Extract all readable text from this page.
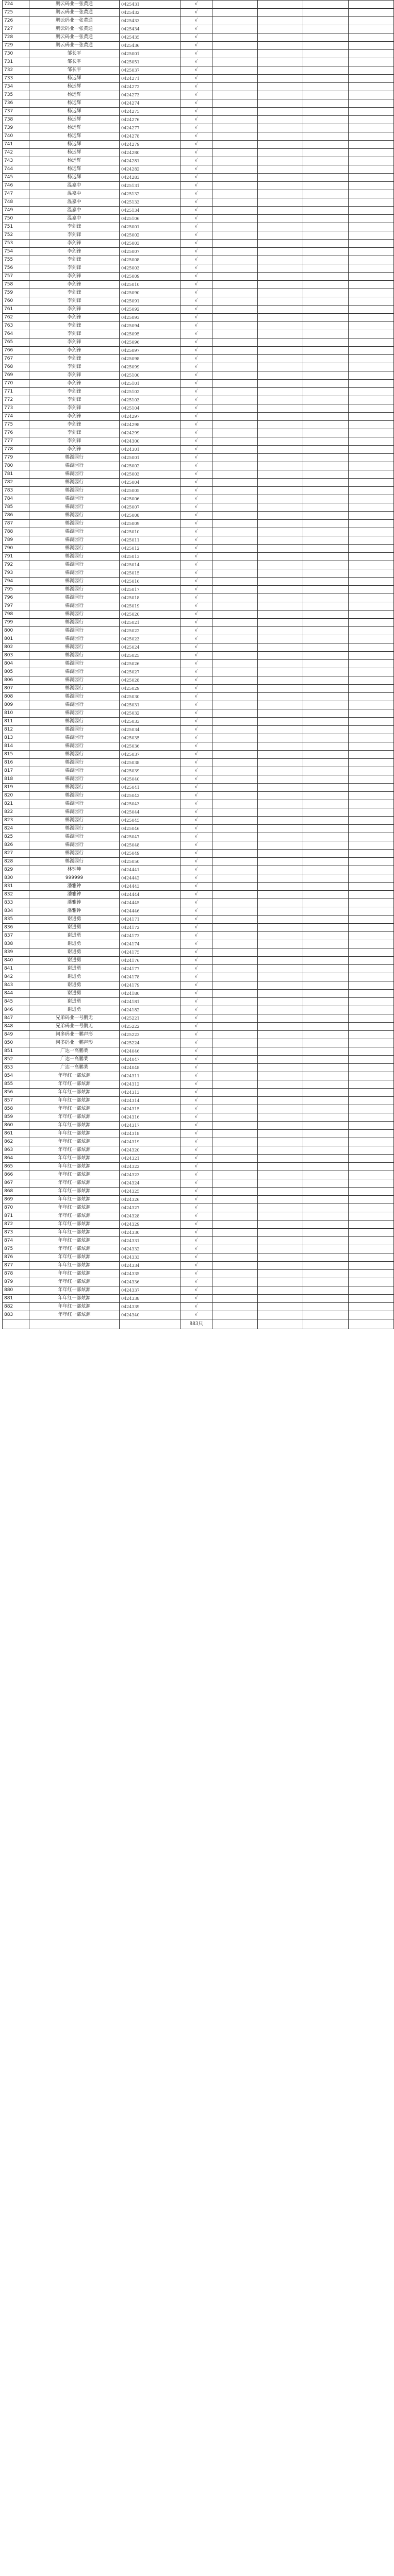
724	鹏云码业一张黄通	0425431	√				
725	鹏云码业一张黄通	0425432	√				
726	鹏云码业一张黄通	0425433	√				
727	鹏云码业一张黄通	0425434	√				
728	鹏云码业一张黄通	0425435	√				
729	鹏云码业一张黄通	0425436	√				
730	邹长平	0425001	√				
731	邹长平	0425051	√				
732	邹长平	0425037	√				
733	杨远辉	0424271	√				
734	杨远辉	0424272	√				
735	杨远辉	0424273	√				
736	杨远辉	0424274	√				
737	杨远辉	0424275	√				
738	杨远辉	0424276	√				
739	杨远辉	0424277	√				
740	杨远辉	0424278	√				
741	杨远辉	0424279	√				
742	杨远辉	0424280	√				
743	杨远辉	0424281	√				
744	杨远辉	0424282	√				
745	杨远辉	0424283	√				
746	温嘉中	0425131	√				
747	温嘉中	0425132	√				
748	温嘉中	0425133	√				
749	温嘉中	0425134	√				
750	温嘉中	0425106	√				
751	李剑锋	0425001	√				
752	李剑锋	0425002	√				
753	李剑锋	0425003	√				
754	李剑锋	0425007	√				
755	李剑锋	0425008	√				
756	李剑锋	0425003	√				
757	李剑锋	0425009	√				
758	李剑锋	0425010	√				
759	李剑锋	0425090	√				
760	李剑锋	0425091	√				
761	李剑锋	0425092	√				
762	李剑锋	0425093	√				
763	李剑锋	0425094	√				
764	李剑锋	0425095	√				
765	李剑锋	0425096	√				
766	李剑锋	0425097	√				
767	李剑锋	0425098	√				
768	李剑锋	0425099	√				
769	李剑锋	0425100	√				
770	李剑锋	0425101	√				
771	李剑锋	0425102	√				
772	李剑锋	0425103	√				
773	李剑锋	0425104	√				
774	李剑锋	0424297	√				
775	李剑锋	0424298	√				
776	李剑锋	0424299	√				
777	李剑锋	0424300	√				
778	李剑锋	0424301	√				
779	棉湖园行	0425001	√				
780	棉湖园行	0425002	√				
781	棉湖园行	0425003	√				
782	棉湖园行	0425004	√				
783	棉湖园行	0425005	√				
784	棉湖园行	0425006	√				
785	棉湖园行	0425007	√				
786	棉湖园行	0425008	√				
787	棉湖园行	0425009	√				
788	棉湖园行	0425010	√				
789	棉湖园行	0425011	√				
790	棉湖园行	0425012	√				
791	棉湖园行	0425013	√				
792	棉湖园行	0425014	√				
793	棉湖园行	0425015	√				
794	棉湖园行	0425016	√				
795	棉湖园行	0425017	√				
796	棉湖园行	0425018	√				
797	棉湖园行	0425019	√				
798	棉湖园行	0425020	√				
799	棉湖园行	0425021	√				
800	棉湖园行	0425022	√				
801	棉湖园行	0425023	√				
802	棉湖园行	0425024	√				
803	棉湖园行	0425025	√				
804	棉湖园行	0425026	√				
805	棉湖园行	0425027	√				
806	棉湖园行	0425028	√				
807	棉湖园行	0425029	√				
808	棉湖园行	0425030	√				
809	棉湖园行	0425031	√				
810	棉湖园行	0425032	√				
811	棉湖园行	0425033	√				
812	棉湖园行	0425034	√				
813	棉湖园行	0425035	√				
814	棉湖园行	0425036	√				
815	棉湖园行	0425037	√				
816	棉湖园行	0425038	√				
817	棉湖园行	0425039	√				
818	棉湖园行	0425040	√				
819	棉湖园行	0425041	√				
820	棉湖园行	0425042	√				
821	棉湖园行	0425043	√				
822	棉湖园行	0425044	√				
823	棉湖园行	0425045	√				
824	棉湖园行	0425046	√				
825	棉湖园行	0425047	√				
826	棉湖园行	0425048	√				
827	棉湖园行	0425049	√				
828	棉湖园行	0425050	√				
829	林钟坤	0424441	√				
830	999999	0424442	√				
831	潘雅钟	0424443	√				
832	潘雅钟	0424444	√				
833	潘雅钟	0424445	√				
834	潘雅钟	0424446	√				
835	谢进勇	0424171	√				
836	谢进勇	0424172	√				
837	谢进勇	0424173	√				
838	谢进勇	0424174	√				
839	谢进勇	0424175	√				
840	谢进勇	0424176	√				
841	谢进勇	0424177	√				
842	谢进勇	0424178	√				
843	谢进勇	0424179	√				
844	谢进勇	0424180	√				
845	谢进勇	0424181	√				
846	谢进勇	0424182	√				
847	兄弟码业一号鹏无	0425221	√				
848	兄弟码业一号鹏无	0425222	√				
849	阿多码业一鹏声形	0425223	√				
850	阿多码业一鹏声形	0425224	√				
851	广达一高鹏業	0424046	√				
852	广达一高鹏業	0424047	√				
853	广达一高鹏業	0424048	√				
854	年年红一部炫源	0424311	√				
855	年年红一部炫源	0424312	√				
856	年年红一部炫源	0424313	√				
857	年年红一部炫源	0424314	√				
858	年年红一部炫源	0424315	√				
859	年年红一部炫源	0424316	√				
860	年年红一部炫源	0424317	√				
861	年年红一部炫源	0424318	√				
862	年年红一部炫源	0424319	√				
863	年年红一部炫源	0424320	√				
864	年年红一部炫源	0424321	√				
865	年年红一部炫源	0424322	√				
866	年年红一部炫源	0424323	√				
867	年年红一部炫源	0424324	√				
868	年年红一部炫源	0424325	√				
869	年年红一部炫源	0424326	√				
870	年年红一部炫源	0424327	√				
871	年年红一部炫源	0424328	√				
872	年年红一部炫源	0424329	√				
873	年年红一部炫源	0424330	√				
874	年年红一部炫源	0424331	√				
875	年年红一部炫源	0424332	√				
876	年年红一部炫源	0424333	√				
877	年年红一部炫源	0424334	√				
878	年年红一部炫源	0424335	√				
879	年年红一部炫源	0424336	√				
880	年年红一部炫源	0424337	√				
881	年年红一部炫源	0424338	√				
882	年年红一部炫源	0424339	√				
883	年年红一部炫源	0424340	√				
			883只				
